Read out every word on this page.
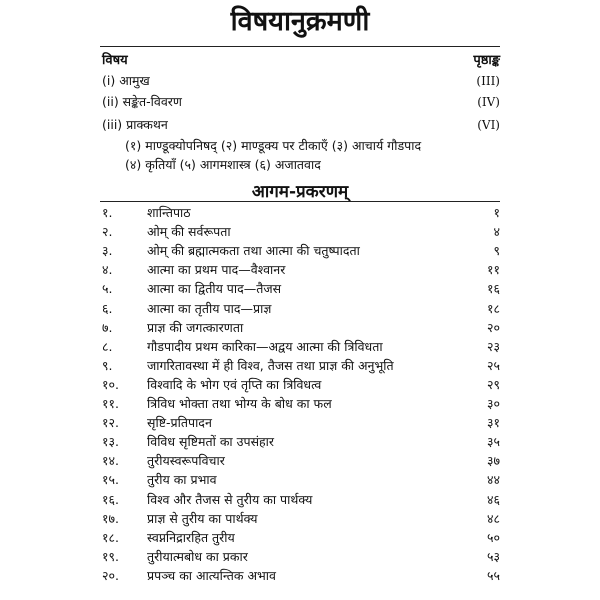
विषयानुक्रमणी
विषय	पृष्ठाङ्क
(i) आमुख	(III)
(ii) सङ्केत-विवरण	(IV)
(iii) प्राक्कथन	(VI)
(१) माण्डूक्योपनिषद् (२) माण्डूक्य पर टीकाएँ (३) आचार्य गौडपाद
(४) कृतियाँ (५) आगमशास्त्र (६) अजातवाद
आगम-प्रकरणम्
१.	शान्तिपाठ	१
२.	ओम् की सर्वरूपता	४
३.	ओम् की ब्रह्मात्मकता तथा आत्मा की चतुष्पादता	९
४.	आत्मा का प्रथम पाद—वैश्वानर	११
५.	आत्मा का द्वितीय पाद—तैजस	१६
६.	आत्मा का तृतीय पाद—प्राज्ञ	१८
७.	प्राज्ञ की जगत्कारणता	२०
८.	गौडपादीय प्रथम कारिका—अद्वय आत्मा की त्रिविधता	२३
९.	जागरितावस्था में ही विश्व, तैजस तथा प्राज्ञ की अनुभूति	२५
१०. विश्वादि के भोग एवं तृप्ति का त्रिविधत्व	२९
११. त्रिविध भोक्ता तथा भोग्य के बोध का फल	३०
१२. सृष्टि-प्रतिपादन	३१
१३. विविध सृष्टिमतों का उपसंहार	३५
१४. तुरीयस्वरूपविचार	३७
१५. तुरीय का प्रभाव	४४
१६. विश्व और तैजस से तुरीय का पार्थक्य	४६
१७. प्राज्ञ से तुरीय का पार्थक्य	४८
१८. स्वप्ननिद्रारहित तुरीय	५०
१९. तुरीयात्मबोध का प्रकार	५३
२०. प्रपञ्च का आत्यन्तिक अभाव	५५
